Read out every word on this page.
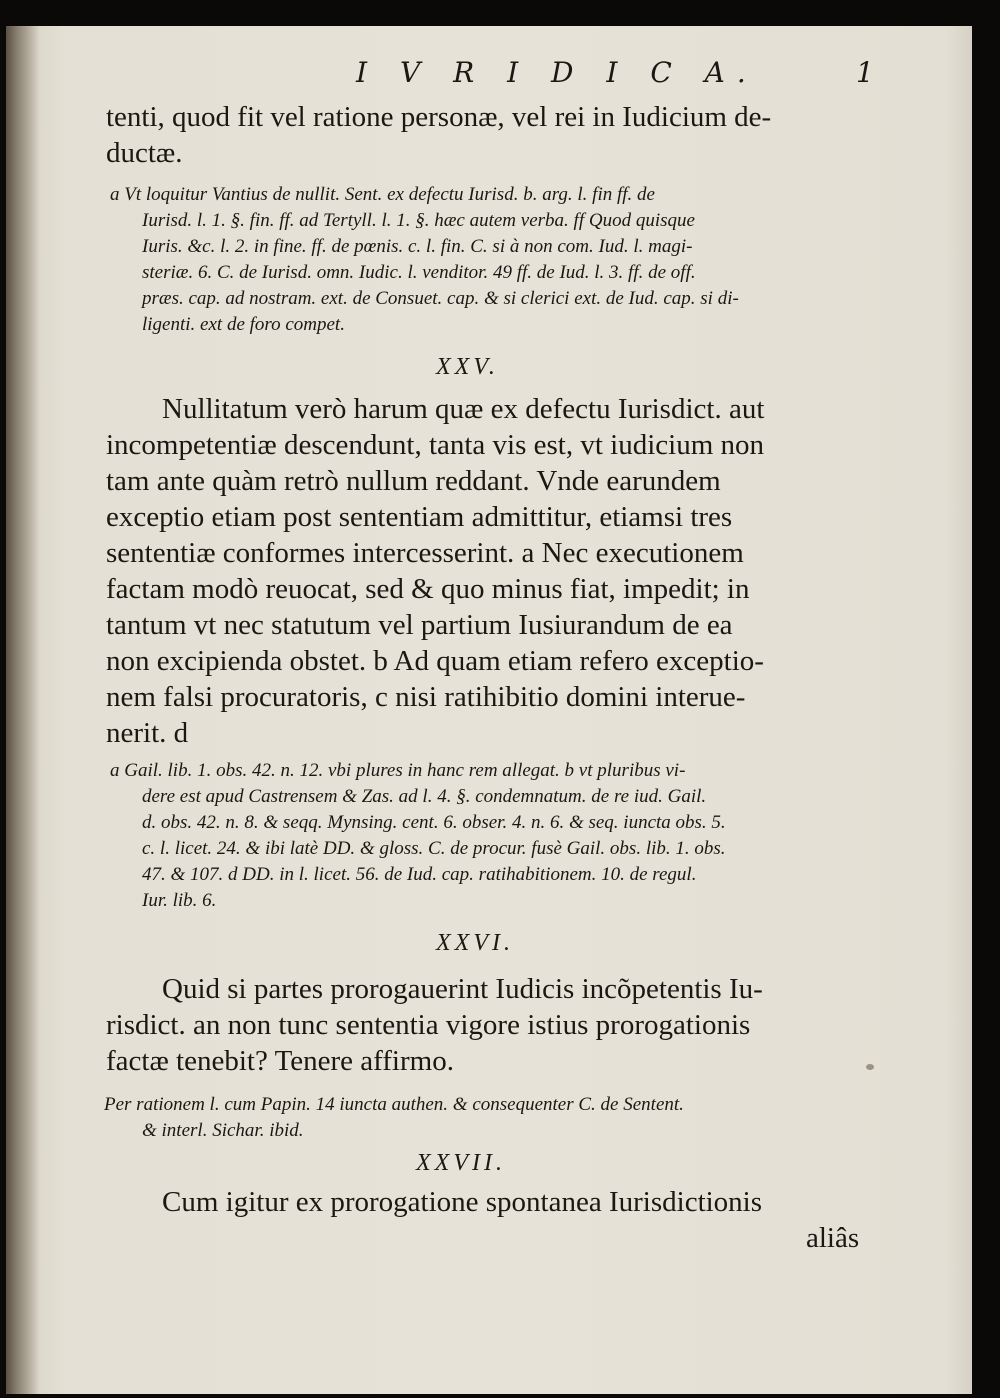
I V R I D I C A.	1
tenti, quod fit vel ratione personæ, vel rei in Iudicium de-
ductæ.
a Vt loquitur Vantius de nullit. Sent. ex defectu Iurisd. b. arg. l. fin ff. de
Iurisd. l. 1. §. fin. ff. ad Tertyll. l. 1. §. hæc autem verba. ff Quod quisque
Iuris. &c. l. 2. in fine. ff. de pœnis. c. l. fin. C. si à non com. Iud. l. magi-
steriæ. 6. C. de Iurisd. omn. Iudic. l. venditor. 49 ff. de Iud. l. 3. ff. de off.
præs. cap. ad nostram. ext. de Consuet. cap. & si clerici ext. de Iud. cap. si di-
ligenti. ext de foro compet.
XXV.
Nullitatum verò harum quæ ex defectu Iurisdict. aut
incompetentiæ descendunt, tanta vis est, vt iudicium non
tam ante quàm retrò nullum reddant. Vnde earundem
exceptio etiam post sententiam admittitur, etiamsi tres
sententiæ conformes intercesserint. a Nec executionem
factam modò reuocat, sed & quo minus fiat, impedit; in
tantum vt nec statutum vel partium Iusiurandum de ea
non excipienda obstet. b Ad quam etiam refero exceptio-
nem falsi procuratoris, c nisi ratihibitio domini interue-
nerit. d
a Gail. lib. 1. obs. 42. n. 12. vbi plures in hanc rem allegat. b vt pluribus vi-
dere est apud Castrensem & Zas. ad l. 4. §. condemnatum. de re iud. Gail.
d. obs. 42. n. 8. & seqq. Mynsing. cent. 6. obser. 4. n. 6. & seq. iuncta obs. 5.
c. l. licet. 24. & ibi latè DD. & gloss. C. de procur. fusè Gail. obs. lib. 1. obs.
47. & 107. d DD. in l. licet. 56. de Iud. cap. ratihabitionem. 10. de regul.
Iur. lib. 6.
XXVI.
Quid si partes prorogauerint Iudicis incõpetentis Iu-
risdict. an non tunc sententia vigore istius prorogationis
factæ tenebit? Tenere affirmo.
Per rationem l. cum Papin. 14 iuncta authen. & consequenter C. de Sentent.
& interl. Sichar. ibid.
XXVII.
Cum igitur ex prorogatione spontanea Iurisdictionis
aliâs
